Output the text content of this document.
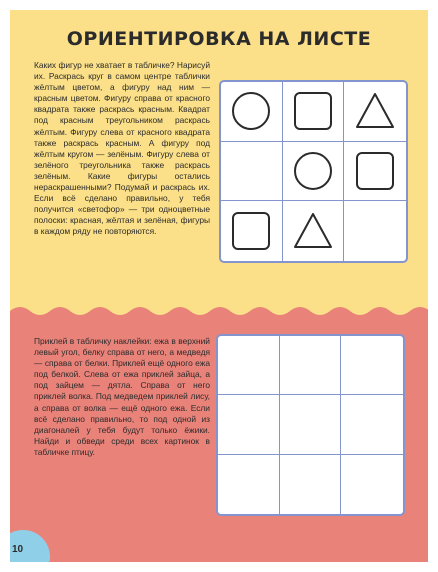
ОРИЕНТИРОВКА НА ЛИСТЕ
Каких фигур не хватает в табличке? Нарисуй их. Раскрась круг в самом центре таблички жёлтым цветом, а фигуру над ним — красным цветом. Фигуру справа от красного квадрата также раскрась красным. Квадрат под красным треугольником раскрась жёлтым. Фигуру слева от красного квадрата также раскрась красным. А фигуру под жёлтым кругом — зелёным. Фигуру слева от зелёного треугольника также раскрась зелёным. Какие фигуры остались нераскрашенными? Подумай и раскрась их. Если всё сделано правильно, у тебя получится «светофор» — три одноцветные полоски: красная, жёлтая и зелёная, фигуры в каждом ряду не повторяются.
Приклей в табличку наклейки: ежа в верхний левый угол, белку справа от него, а медведя — справа от белки. Приклей ещё одного ежа под белкой. Слева от ежа приклей зайца, а под зайцем — дятла. Справа от него приклей волка. Под медведем приклей лису, а справа от волка — ещё одного ежа. Если всё сделано правильно, то под одной из диагоналей у тебя будут только ёжики. Найди и обведи среди всех картинок в табличке птицу.
10
